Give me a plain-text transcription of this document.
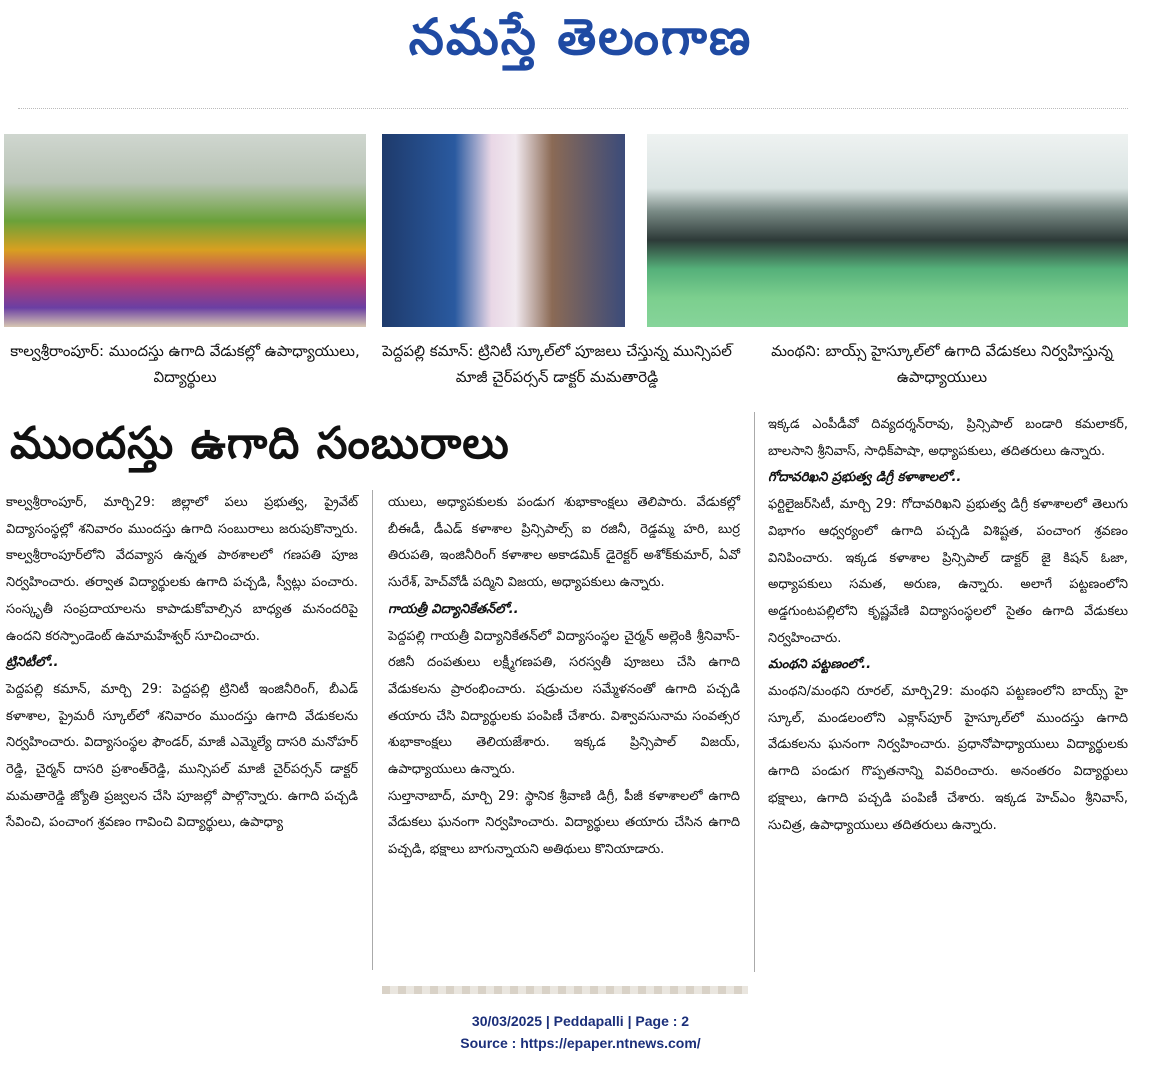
నమస్తే తెలంగాణ
కాల్వశ్రీరాంపూర్: ముందస్తు ఉగాది వేడుకల్లో ఉపాధ్యాయులు, విద్యార్థులు
పెద్దపల్లి కమాన్: ట్రినిటీ స్కూల్‌లో పూజలు చేస్తున్న మున్సిపల్ మాజీ చైర్‌పర్సన్ డాక్టర్ మమతారెడ్డి
మంథని: బాయ్స్ హైస్కూల్‌లో ఉగాది వేడుకలు నిర్వహిస్తున్న ఉపాధ్యాయులు
ముందస్తు ఉగాది సంబురాలు

కాల్వశ్రీరాంపూర్, మార్చి29: జిల్లాలో పలు ప్రభుత్వ, ప్రైవేట్ విద్యాసంస్థల్లో శనివారం ముందస్తు ఉగాది సంబురాలు జరుపుకొన్నారు. కాల్వశ్రీరాంపూర్‌లోని వేదవ్యాస ఉన్నత పాఠశాలలో గణపతి పూజ నిర్వహించారు. తర్వాత విద్యార్థులకు ఉగాది పచ్చడి, స్వీట్లు పంచారు. సంస్కృతీ సంప్రదాయాలను కాపాడుకోవాల్సిన బాధ్యత మనందరిపై ఉందని కరస్పాండెంట్ ఉమామహేశ్వర్ సూచించారు.

ట్రినిటీలో..

పెద్దపల్లి కమాన్, మార్చి 29: పెద్దపల్లి ట్రినిటీ ఇంజినీరింగ్, బీఎడ్ కళాశాల, ప్రైమరీ స్కూల్‌లో శనివారం ముందస్తు ఉగాది వేడుకలను నిర్వహించారు. విద్యాసంస్థల ఫౌండర్, మాజీ ఎమ్మెల్యే దాసరి మనోహర్ రెడ్డి, చైర్మన్ దాసరి ప్రశాంత్‌రెడ్డి, మున్సిపల్ మాజీ చైర్‌పర్సన్ డాక్టర్ మమతారెడ్డి జ్యోతి ప్రజ్వలన చేసి పూజల్లో పాల్గొన్నారు. ఉగాది పచ్చడి సేవించి, పంచాంగ శ్రవణం గావించి విద్యార్థులు, ఉపాధ్యా

యులు, అధ్యాపకులకు పండుగ శుభాకాంక్షలు తెలిపారు. వేడుకల్లో బీఈడీ, డీఎడ్ కళాశాల ప్రిన్సిపాల్స్ ఐ రజినీ, రెడ్డమ్మ హరి, బుర్ర తిరుపతి, ఇంజినీరింగ్ కళాశాల అకాడమిక్ డైరెక్టర్ అశోక్‌కుమార్, ఏవో సురేశ్, హెచ్‌వోడీ పద్మిని విజయ, అధ్యాపకులు ఉన్నారు.

గాయత్రీ విద్యానికేతన్‌లో..

పెద్దపల్లి గాయత్రీ విద్యానికేతన్‌లో విద్యాసంస్థల చైర్మన్ అల్లెంకి శ్రీనివాస్-రజినీ దంపతులు లక్ష్మీగణపతి, సరస్వతీ పూజలు చేసి ఉగాది వేడుకలను ప్రారంభించారు. షడ్రుచుల సమ్మేళనంతో ఉగాది పచ్చడి తయారు చేసి విద్యార్థులకు పంపిణీ చేశారు. విశ్వావసునామ సంవత్సర శుభాకాంక్షలు తెలియజేశారు. ఇక్కడ ప్రిన్సిపాల్ విజయ్, ఉపాధ్యాయులు ఉన్నారు.

సుల్తానాబాద్, మార్చి 29: స్థానిక శ్రీవాణి డిగ్రీ, పీజీ కళాశాలలో ఉగాది వేడుకలు ఘనంగా నిర్వహించారు. విద్యార్థులు తయారు చేసిన ఉగాది పచ్చడి, భక్షాలు బాగున్నాయని అతిథులు కొనియాడారు.

ఇక్కడ ఎంపీడీవో దివ్యదర్శన్‌రావు, ప్రిన్సిపాల్ బండారి కమలాకర్, బాలసాని శ్రీనివాస్, సాధిక్‌పాషా, అధ్యాపకులు, తదితరులు ఉన్నారు.

గోదావరిఖని ప్రభుత్వ డిగ్రీ కళాశాలలో..

ఫర్టిలైజర్‌సిటీ, మార్చి 29: గోదావరిఖని ప్రభుత్వ డిగ్రీ కళాశాలలో తెలుగు విభాగం ఆధ్వర్యంలో ఉగాది పచ్చడి విశిష్టత, పంచాంగ శ్రవణం వినిపించారు. ఇక్కడ కళాశాల ప్రిన్సిపాల్ డాక్టర్ జై కిషన్ ఓజా, అధ్యాపకులు సమత, అరుణ, ఉన్నారు. అలాగే పట్టణంలోని అడ్డగుంటపల్లిలోని కృష్ణవేణి విద్యాసంస్థలలో సైతం ఉగాది వేడుకలు నిర్వహించారు.

మంథని పట్టణంలో..

మంథని/మంథని రూరల్, మార్చి29: మంథని పట్టణంలోని బాయ్స్ హై స్కూల్, మండలంలోని ఎక్లాస్‌పూర్ హైస్కూల్‌లో ముందస్తు ఉగాది వేడుకలను ఘనంగా నిర్వహించారు. ప్రధానోపాధ్యాయులు విద్యార్థులకు ఉగాది పండుగ గొప్పతనాన్ని వివరించారు. అనంతరం విద్యార్థులు భక్షాలు, ఉగాది పచ్చడి పంపిణీ చేశారు. ఇక్కడ హెచ్‌ఎం శ్రీనివాస్, సుచిత్ర, ఉపాధ్యాయులు తదితరులు ఉన్నారు.

30/03/2025 | Peddapalli | Page : 2
Source : https://epaper.ntnews.com/
